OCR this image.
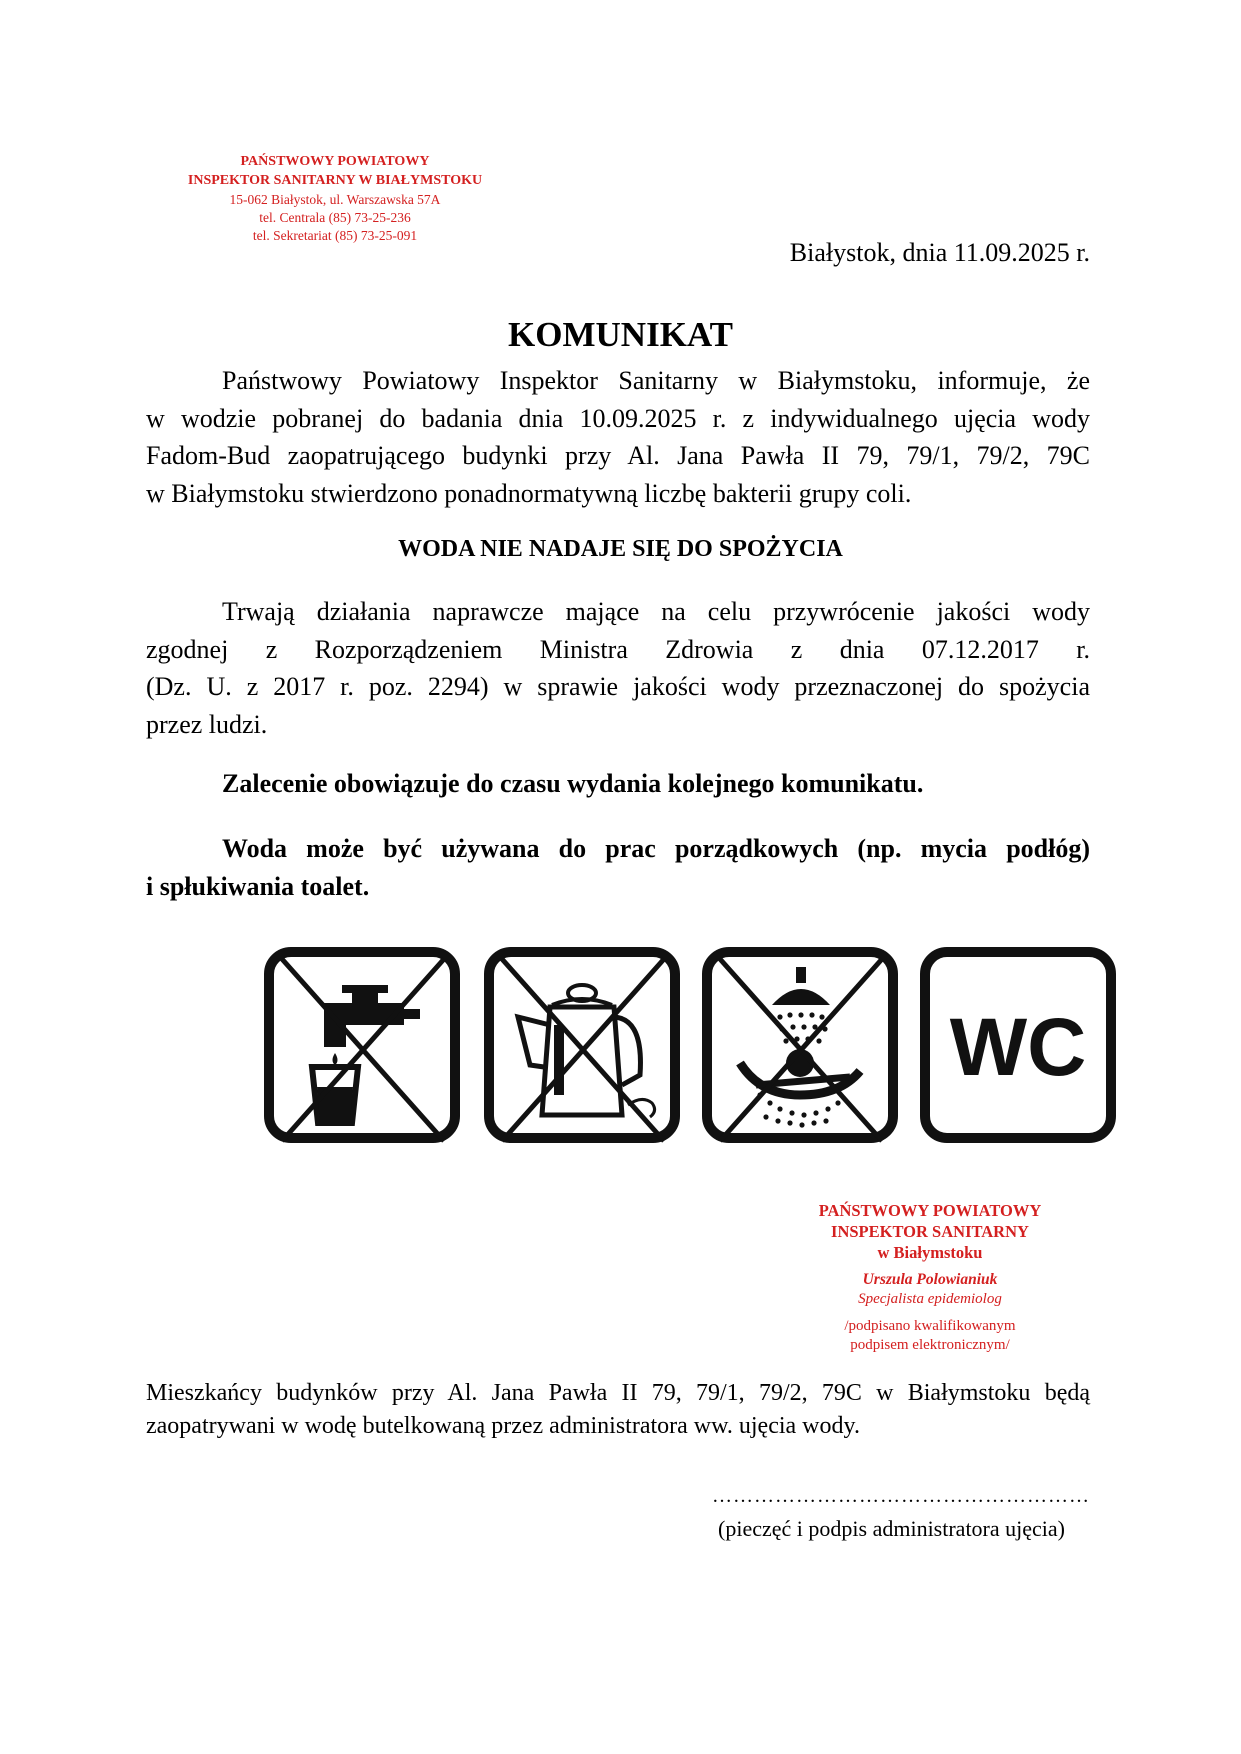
PAŃSTWOWY POWIATOWY
INSPEKTOR SANITARNY W BIAŁYMSTOKU
15-062 Białystok, ul. Warszawska 57A
tel. Centrala (85) 73-25-236
tel. Sekretariat (85) 73-25-091
Białystok, dnia 11.09.2025 r.
KOMUNIKAT
Państwowy Powiatowy Inspektor Sanitarny w Białymstoku, informuje, że
w wodzie pobranej do badania dnia 10.09.2025 r. z indywidualnego ujęcia wody
Fadom-Bud zaopatrującego budynki przy Al. Jana Pawła II 79, 79/1, 79/2, 79C
w Białymstoku stwierdzono ponadnormatywną liczbę bakterii grupy coli.
WODA NIE NADAJE SIĘ DO SPOŻYCIA
Trwają działania naprawcze mające na celu przywrócenie jakości wody
zgodnej z Rozporządzeniem Ministra Zdrowia z dnia 07.12.2017 r.
(Dz. U. z 2017 r. poz. 2294) w sprawie jakości wody przeznaczonej do spożycia
przez ludzi.
Zalecenie obowiązuje do czasu wydania kolejnego komunikatu.
Woda może być używana do prac porządkowych (np. mycia podłóg)
i spłukiwania toalet.
WC
PAŃSTWOWY POWIATOWY
INSPEKTOR SANITARNY
w Białymstoku
Urszula Polowianiuk
Specjalista epidemiolog
/podpisano kwalifikowanym
podpisem elektronicznym/
Mieszkańcy budynków przy Al. Jana Pawła II 79, 79/1, 79/2, 79C w Białymstoku będą
zaopatrywani w wodę butelkowaną przez administratora ww. ujęcia wody.
………………………………………………
(pieczęć i podpis administratora ujęcia)
